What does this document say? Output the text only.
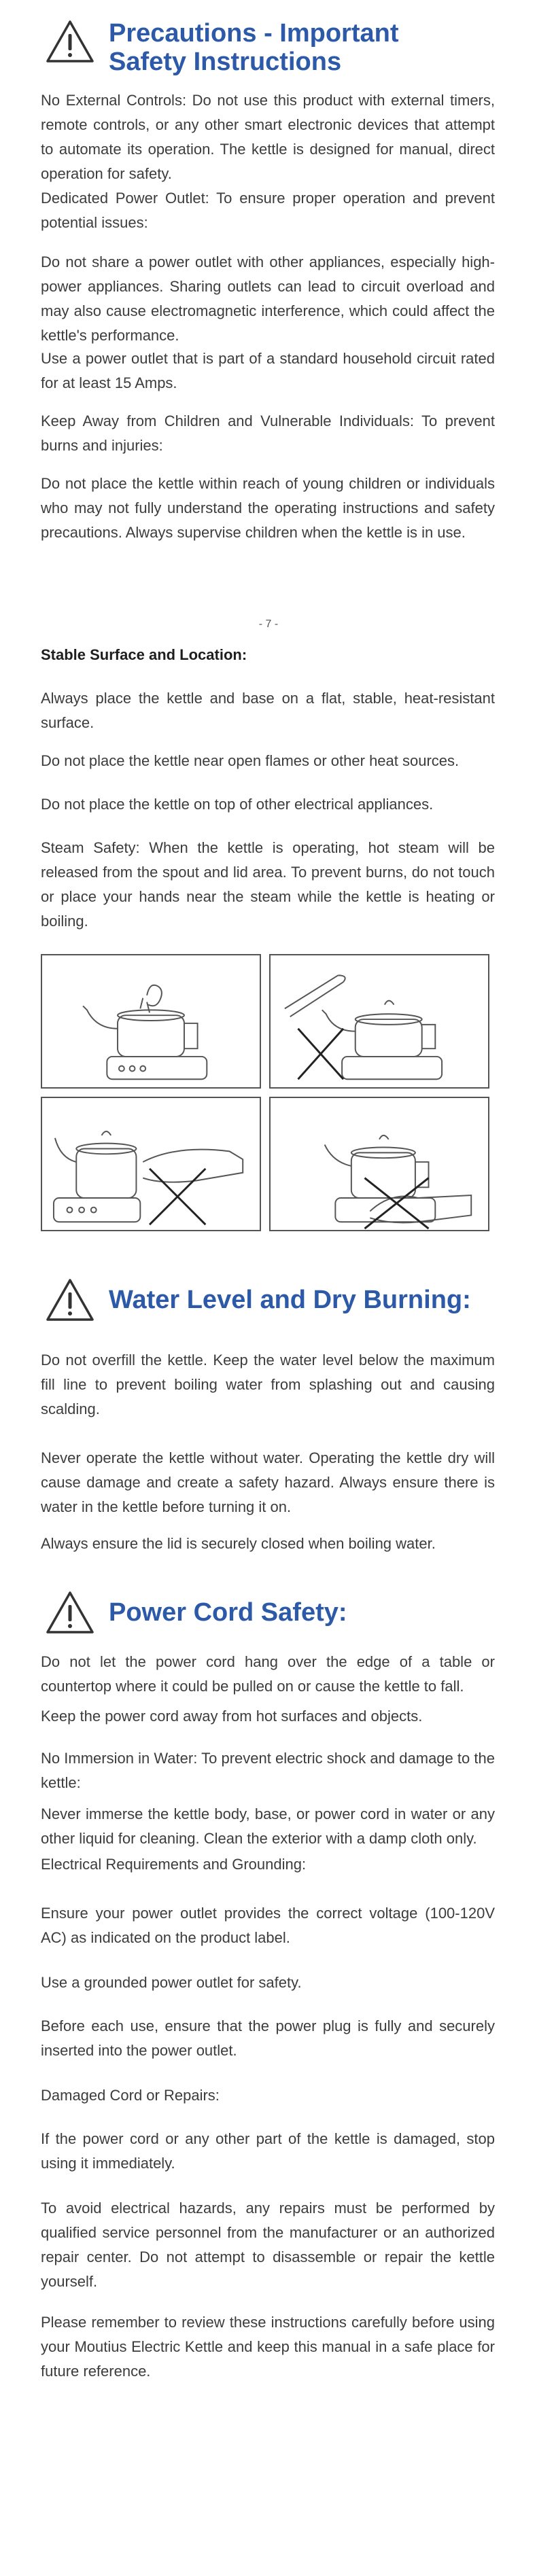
Precautions - Important Safety Instructions

No External Controls: Do not use this product with external timers, remote controls, or any other smart electronic devices that attempt to automate its operation. The kettle is designed for manual, direct operation for safety.

Dedicated Power Outlet: To ensure proper operation and prevent potential issues:

Do not share a power outlet with other appliances, especially high-power appliances. Sharing outlets can lead to circuit overload and may also cause electromagnetic interference, which could affect the kettle's performance.

Use a power outlet that is part of a standard household circuit rated for at least 15 Amps.

Keep Away from Children and Vulnerable Individuals: To prevent burns and injuries:

Do not place the kettle within reach of young children or individuals who may not fully understand the operating instructions and safety precautions. Always supervise children when the kettle is in use.

- 7 -

Stable Surface and Location:

Always place the kettle and base on a flat, stable, heat-resistant surface.

Do not place the kettle near open flames or other heat sources.

Do not place the kettle on top of other electrical appliances.

Steam Safety: When the kettle is operating, hot steam will be released from the spout and lid area. To prevent burns, do not touch or place your hands near the steam while the kettle is heating or boiling.

Water Level and Dry Burning:

Do not overfill the kettle. Keep the water level below the maximum fill line to prevent boiling water from splashing out and causing scalding.

Never operate the kettle without water. Operating the kettle dry will cause damage and create a safety hazard. Always ensure there is water in the kettle before turning it on.

Always ensure the lid is securely closed when boiling water.

Power Cord Safety:

Do not let the power cord hang over the edge of a table or countertop where it could be pulled on or cause the kettle to fall.

Keep the power cord away from hot surfaces and objects.

No Immersion in Water: To prevent electric shock and damage to the kettle:

Never immerse the kettle body, base, or power cord in water or any other liquid for cleaning. Clean the exterior with a damp cloth only.

Electrical Requirements and Grounding:

Ensure your power outlet provides the correct voltage (100-120V AC) as indicated on the product label.

Use a grounded power outlet for safety.

Before each use, ensure that the power plug is fully and securely inserted into the power outlet.

Damaged Cord or Repairs:

If the power cord or any other part of the kettle is damaged, stop using it immediately.

To avoid electrical hazards, any repairs must be performed by qualified service personnel from the manufacturer or an authorized repair center. Do not attempt to disassemble or repair the kettle yourself.

Please remember to review these instructions carefully before using your Moutius Electric Kettle and keep this manual in a safe place for future reference.
